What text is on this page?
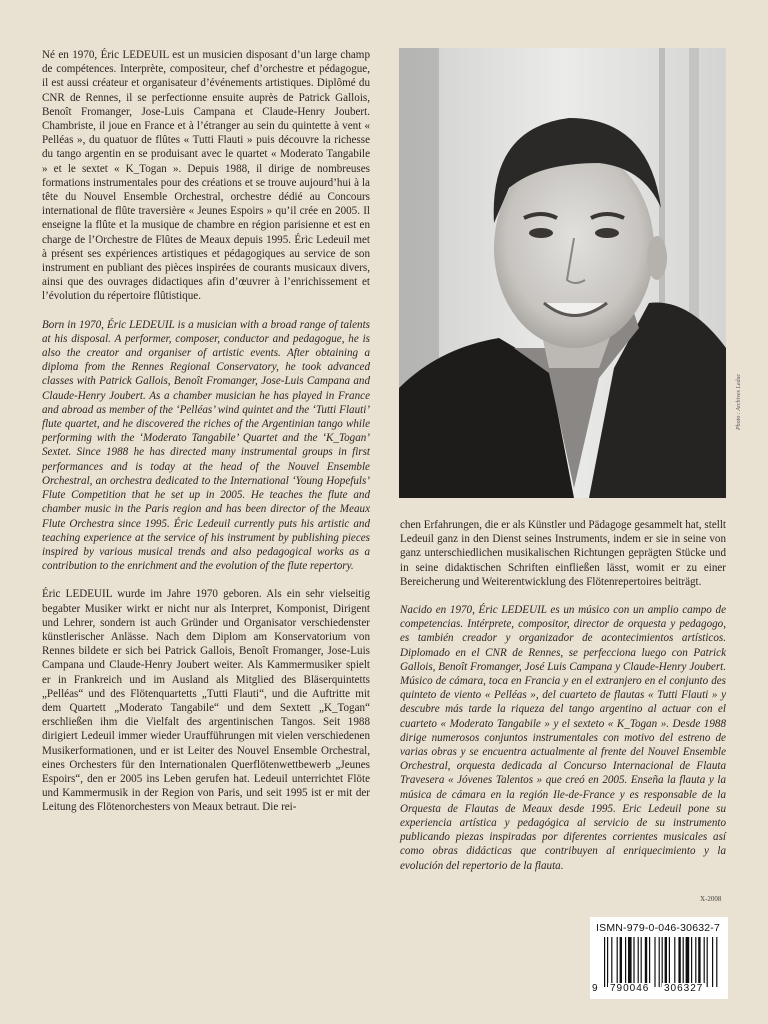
Né en 1970, Éric LEDEUIL est un musicien disposant d’un large champ de compétences. Interprète, compositeur, chef d’orchestre et pédagogue, il est aussi créateur et organisateur d’événements artistiques. Diplômé du CNR de Rennes, il se perfectionne ensuite auprès de Patrick Gallois, Benoît Fromanger, Jose-Luis Campana et Claude-Henry Joubert. Chambriste, il joue en France et à l’étranger au sein du quintette à vent « Pelléas », du quatuor de flûtes « Tutti Flauti » puis découvre la richesse du tango argentin en se produisant avec le quartet « Moderato Tangabile » et le sextet « K_Togan ». Depuis 1988, il dirige de nombreuses formations instrumentales pour des créations et se trouve aujourd’hui à la tête du Nouvel Ensemble Orchestral, orchestre dédié au Concours international de flûte traversière « Jeunes Espoirs » qu’il crée en 2005. Il enseigne la flûte et la musique de chambre en région parisienne et est en charge de l’Orchestre de Flûtes de Meaux depuis 1995. Éric Ledeuil met à présent ses expériences artistiques et pédagogiques au service de son instrument en publiant des pièces inspirées de courants musicaux divers, ainsi que des ouvrages didactiques afin d’œuvrer à l’enrichissement et l’évolution du répertoire flûtistique.

Born in 1970, Éric LEDEUIL is a musician with a broad range of talents at his disposal. A performer, composer, conductor and pedagogue, he is also the creator and organiser of artistic events. After obtaining a diploma from the Rennes Regional Conservatory, he took advanced classes with Patrick Gallois, Benoît Fromanger, Jose-Luis Campana and Claude-Henry Joubert. As a chamber musician he has played in France and abroad as member of the ‘Pelléas’ wind quintet and the ‘Tutti Flauti’ flute quartet, and he discovered the riches of the Argentinian tango while performing with the ‘Moderato Tangabile’ Quartet and the ‘K_Togan’ Sextet. Since 1988 he has directed many instrumental groups in first performances and is today at the head of the Nouvel Ensemble Orchestral, an orchestra dedicated to the International ‘Young Hopefuls’ Flute Competition that he set up in 2005. He teaches the flute and chamber music in the Paris region and has been director of the Meaux Flute Orchestra since 1995. Éric Ledeuil currently puts his artistic and teaching experience at the service of his instrument by publishing pieces inspired by various musical trends and also pedagogical works as a contribution to the enrichment and the evolution of the flute repertory.

Éric LEDEUIL wurde im Jahre 1970 geboren. Als ein sehr vielseitig begabter Musiker wirkt er nicht nur als Interpret, Komponist, Dirigent und Lehrer, sondern ist auch Gründer und Organisator verschiedenster künstlerischer Anlässe. Nach dem Diplom am Konservatorium von Rennes bildete er sich bei Patrick Gallois, Benoît Fromanger, Jose-Luis Campana und Claude-Henry Joubert weiter. Als Kammermusiker spielt er in Frankreich und im Ausland als Mitglied des Bläserquintetts „Pelléas“ und des Flötenquartetts „Tutti Flauti“, und die Auftritte mit dem Quartett „Moderato Tangabile“ und dem Sextett „K_Togan“ erschließen ihm die Vielfalt des argentinischen Tangos. Seit 1988 dirigiert Ledeuil immer wieder Uraufführungen mit vielen verschiedenen Musikerformationen, und er ist Leiter des Nouvel Ensemble Orchestral, eines Orchesters für den Internationalen Querflötenwettbewerb „Jeunes Espoirs“, den er 2005 ins Leben gerufen hat. Ledeuil unterrichtet Flöte und Kammermusik in der Region von Paris, und seit 1995 ist er mit der Leitung des Flötenorchesters von Meaux betraut. Die rei-

Photo : Archives Leduc

chen Erfahrungen, die er als Künstler und Pädagoge gesammelt hat, stellt Ledeuil ganz in den Dienst seines Instruments, indem er sie in seine von ganz unterschiedlichen musikalischen Richtungen geprägten Stücke und in seine didaktischen Schriften einfließen lässt, womit er zu einer Bereicherung und Weiterentwicklung des Flötenrepertoires beiträgt.

Nacido en 1970, Éric LEDEUIL es un músico con un amplio campo de competencias. Intérprete, compositor, director de orquesta y pedagogo, es también creador y organizador de acontecimientos artísticos. Diplomado en el CNR de Rennes, se perfecciona luego con Patrick Gallois, Benoît Fromanger, José Luis Campana y Claude-Henry Joubert. Músico de cámara, toca en Francia y en el extranjero en el conjunto des quinteto de viento « Pelléas », del cuarteto de flautas « Tutti Flauti » y descubre más tarde la riqueza del tango argentino al actuar con el cuarteto « Moderato Tangabile » y el sexteto « K_Togan ». Desde 1988 dirige numerosos conjuntos instrumentales con motivo del estreno de varias obras y se encuentra actualmente al frente del Nouvel Ensemble Orchestral, orquesta dedicada al Concurso Internacional de Flauta Travesera « Jóvenes Talentos » que creó en 2005. Enseña la flauta y la música de cámara en la región Ile-de-France y es responsable de la Orquesta de Flautas de Meaux desde 1995. Eric Ledeuil pone su experiencia artística y pedagógica al servicio de su instrumento publicando piezas inspiradas por diferentes corrientes musicales así como obras didácticas que contribuyen al enriquecimiento y la evolución del repertorio de la flauta.

X-2008
ISMN-979-0-046-30632-7
9 790046 306327
